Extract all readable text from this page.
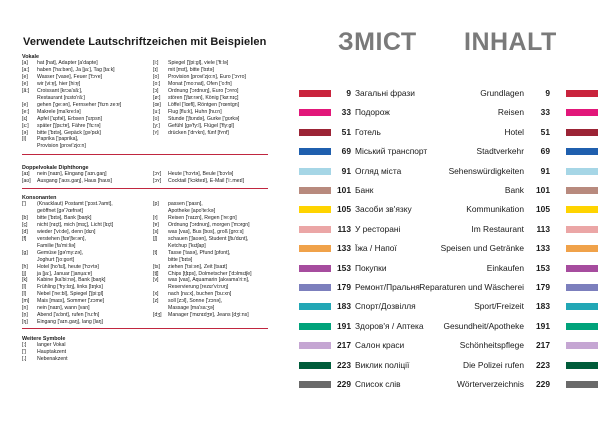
Verwendete Lautschriftzeichen mit Beispielen
Vokale
[a] hat [hat], Adapter [a'dapte]
[a:] haben ['ha:bən], Ja [ja:], Tag [ta:k]
[e] Wasser ['vase], Feuer ['fɔʏe]
[e] wir [vi:ɐ̯], hier [hi:ɐ̯]
[ã:] Croissant [krɔa'sã:],
Restaurant [rɛsto'rã:]
[e] gehen ['ge:ən], Fernseher ['fɛrn ze:ɐ]
[e:] Makrele [ma'kre:lə]
[ɛ] Äpfel ['ɛpfəl], Erbsen ['ɛrpsn]
[ɛ:] später ['ʃpɛ:tɐ], Fähre ['fɛ:rə]
[ə] bitte ['bɪtə], Gepäck [gə'pɛk]
[i] Paprika ['paprika],
Provision [provi'zjo:n]
[i:] Spiegel ['ʃpi:gl], viele ['fi:lə]
[ɪ] mit [mɪt], bitte ['bɪtə]
[o] Provision [provi'zjo:n], Euro ['ɔʏro]
[o:] Monat ['mo:nat], Ofen ['o:fn]
[ɔ] Ordnung ['ɔrdnʊŋ], Euro ['ɔʏro]
[ø:] stören ['ʃtø:rən], König ['kø:nɪç]
[œ] Löffel ['lœfl], Röntgen ['rœntgn]
[u:] Flug [flu:k], Huhn [hu:n]
[ʊ] Stunde ['ʃtʊndə], Gurke ['gʊrkə]
[y:] Gefühl [gə'fy:l], Flügel ['fly:gl]
[ʏ] drücken ['drʏkn], fünf [fʏnf]
Doppelvokale Diphthonge
[aɪ] nein [naɪn], Eingang ['aɪn.gaŋ]
[aʊ] Ausgang ['aʊs.gaŋ], Haus [haʊs]
[ɔʏ] Heute ['hɔʏtə], Beule ['bɔʏlə]
[ɔʏ] Cocktail ['kɔkteɪl], E-Mail ['i:.meɪl]
Konsonanten
['] (Knacklaut) Postamt ['pɔst.ʔamt],
geöffnet [gə'ʔœfnət]
[b] bitte ['bɪtə], Bank [baŋk]
[ç] nicht [nɪçt], mich [mɪç], Licht [lɪçt]
[d] wieder ['vi:de], denn [dɛn]
[f] verstehen [fɛɐ'ʃte:ən],
Familie [fa'mi:liə]
[g] Gemüse [gə'my:zə],
Joghurt ['jo:gʊrt]
[h] Hotel [ho'tɛl], heute ['hɔʏtə]
[j] ja [ja:], Januar ['janu̯a:ɐ]
[k] Kabine [ka'bi:nə], Bank [baŋk]
[l] Frühling ['fry:lɪŋ], links [lɪŋks]
[l] Nebel ['ne:bl], Spiegel ['ʃpi:gl]
[m] Mais [maɪs], Sommer ['zɔme]
[n] nein [naɪn], wann [van]
[n̩] Abend ['a:bnt], rufen ['ru:fn]
[ŋ] Eingang ['aɪn.gaŋ], lang [laŋ]
[p] passen ['pasn],
Apotheke [apo'te:kə]
[r] Reisen ['raɪzn], Regen ['re:gn]
[ɐ] Ordnung ['ɔrdnʊŋ], morgen ['mɔrgn]
[s] was [vas], Bus [bʊs], groß [gro:s]
[ʃ] schauen ['ʃaʊən], Student [ʃtu'dɛnt],
Ketchup ['kɛtʃap]
[t] Tasse ['tasə], Pfund [pfʊnt],
bitte ['bɪtə]
[ts] ziehen ['tsi:ən], Zeit [tsaɪt]
[tʃ] Chips [tʃɪps], Dolmetscher ['dɔlmɛtʃe]
[v] was [vas], Aquamarin [akvama'ri:n],
Reservierung [rezɛr'vi:rʊŋ]
[x] nach [na:x], buchen ['bu:xn]
[z] soll [zɔl], Sonne ['zɔnə],
Massage [ma'sa:ʒə]
[dʒ] Manager ['mɛnɪdʒɐ], Jeans [dʒi:ns]
Weitere Symbole
[:] langer Vokal
['] Hauptakzent
[.] Nebenakzent
ЗМІСТ INHALT
9 Загальні фрази	Grundlagen	9
33 Подорож	Reisen	33
51 Готель	Hotel	51
69 Міський транспорт	Stadtverkehr	69
91 Огляд міста	Sehenswürdigkeiten	91
101 Банк	Bank	101
105 Засоби зв'язку	Kommunikation	105
113 У ресторані	Im Restaurant	113
133 Їжа / Напої	Speisen und Getränke	133
153 Покупки	Einkaufen	153
179 Ремонт/Пральня Reparaturen und Wäscherei	179
183 Спорт/Дозвілля	Sport/Freizeit	183
191 Здоров'я / Аптека Gesundheit/Apotheke	191
217 Салон краси	Schönheitspflege	217
223 Виклик поліції	Die Polizei rufen	223
229 Список слів	Wörterverzeichnis	229
